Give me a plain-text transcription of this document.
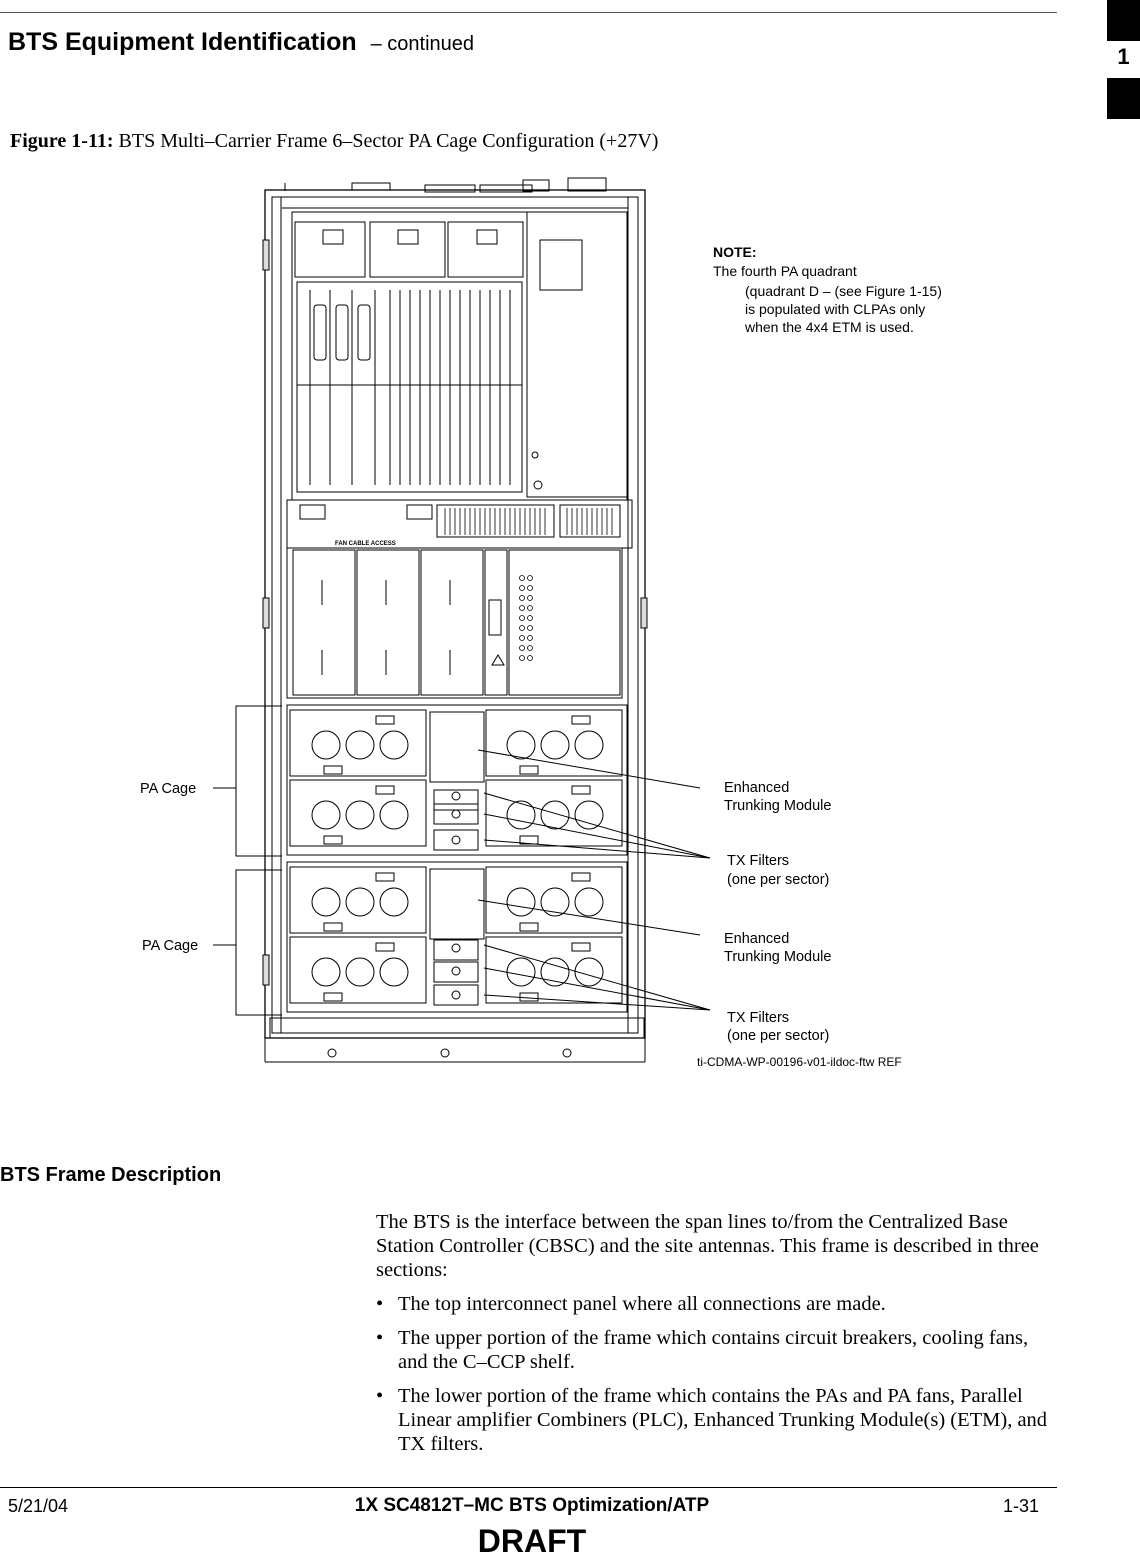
BTS Equipment Identification – continued	1
Figure 1-11: BTS Multi–Carrier Frame 6–Sector PA Cage Configuration (+27V)
FAN CABLE ACCESS
NOTE:
The fourth PA quadrant
(quadrant D – (see Figure 1-15)
is populated with CLPAs only
when the 4x4 ETM is used.
PA Cage
PA Cage
Enhanced
Trunking Module
TX Filters
(one per sector)
Enhanced
Trunking Module
TX Filters
(one per sector)
ti-CDMA-WP-00196-v01-ildoc-ftw REF
BTS Frame Description

The BTS is the interface between the span lines to/from the Centralized Base Station Controller (CBSC) and the site antennas. This frame is described in three sections:

• The top interconnect panel where all connections are made.
• The upper portion of the frame which contains circuit breakers, cooling fans, and the C–CCP shelf.
• The lower portion of the frame which contains the PAs and PA fans, Parallel Linear amplifier Combiners (PLC), Enhanced Trunking Module(s) (ETM), and TX filters.
5/21/04	1X SC4812T–MC BTS Optimization/ATP	1-31
DRAFT
